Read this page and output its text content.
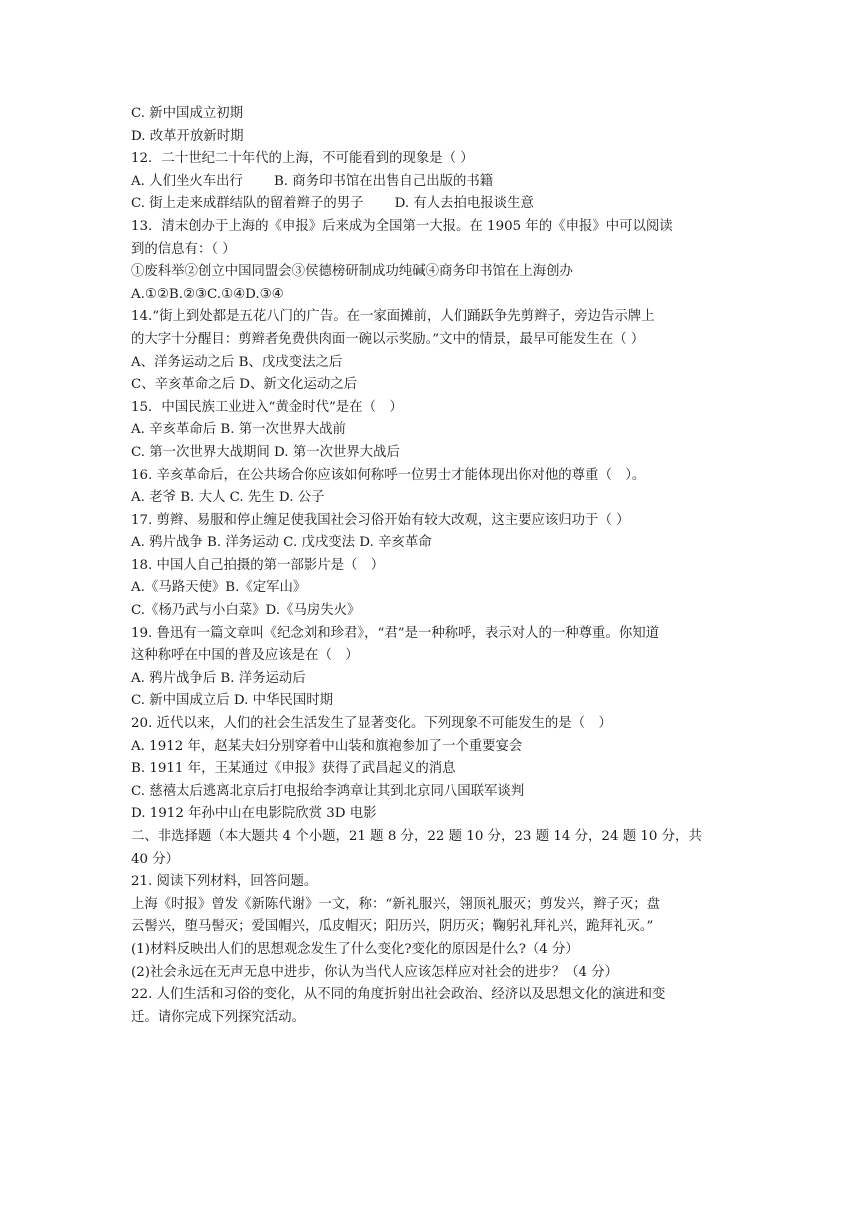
C. 新中国成立初期
D. 改革开放新时期
12．二十世纪二十年代的上海，不可能看到的现象是（ ）
A. 人们坐火车出行 　　B. 商务印书馆在出售自己出版的书籍
C. 街上走来成群结队的留着辫子的男子 　　D. 有人去拍电报谈生意
13．清末创办于上海的《申报》后来成为全国第一大报。在 1905 年的《申报》中可以阅读
到的信息有：（ ）
①废科举②创立中国同盟会③侯德榜研制成功纯碱④商务印书馆在上海创办
A.①②B.②③C.①④D.③④
14.“街上到处都是五花八门的广告。在一家面摊前，人们踊跃争先剪辫子，旁边告示牌上
的大字十分醒目：剪辫者免费供肉面一碗以示奖励。”文中的情景，最早可能发生在（ ）
A、洋务运动之后 B、戊戌变法之后
C、辛亥革命之后 D、新文化运动之后
15．中国民族工业进入“黄金时代”是在（　）
A. 辛亥革命后 B. 第一次世界大战前
C. 第一次世界大战期间 D. 第一次世界大战后
16. 辛亥革命后，在公共场合你应该如何称呼一位男士才能体现出你对他的尊重（　）。
A. 老爷 B. 大人 C. 先生 D. 公子
17. 剪辫、易服和停止缠足使我国社会习俗开始有较大改观，这主要应该归功于（ ）
A. 鸦片战争 B. 洋务运动 C. 戊戌变法 D. 辛亥革命
18. 中国人自己拍摄的第一部影片是（　）
A.《马路天使》B.《定军山》
C.《杨乃武与小白菜》D.《马房失火》
19. 鲁迅有一篇文章叫《纪念刘和珍君》，“君”是一种称呼，表示对人的一种尊重。你知道
这种称呼在中国的普及应该是在（　）
A. 鸦片战争后 B. 洋务运动后
C. 新中国成立后 D. 中华民国时期
20. 近代以来，人们的社会生活发生了显著变化。下列现象不可能发生的是（　）
A. 1912 年，赵某夫妇分别穿着中山装和旗袍参加了一个重要宴会
B. 1911 年，王某通过《申报》获得了武昌起义的消息
C. 慈禧太后逃离北京后打电报给李鸿章让其到北京同八国联军谈判
D. 1912 年孙中山在电影院欣赏 3D 电影
二、非选择题（本大题共 4 个小题，21 题 8 分，22 题 10 分，23 题 14 分，24 题 10 分，共
40 分）
21. 阅读下列材料，回答问题。
上海《时报》曾发《新陈代谢》一文，称：“新礼服兴，翎顶礼服灭；剪发兴，辫子灭；盘
云髻兴，堕马髻灭；爱国帽兴，瓜皮帽灭；阳历兴，阴历灭；鞠躬礼拜礼兴，跪拜礼灭。”
(1)材料反映出人们的思想观念发生了什么变化?变化的原因是什么?（4 分）
(2)社会永远在无声无息中进步，你认为当代人应该怎样应对社会的进步？（4 分）
22. 人们生活和习俗的变化，从不同的角度折射出社会政治、经济以及思想文化的演进和变
迁。请你完成下列探究活动。
